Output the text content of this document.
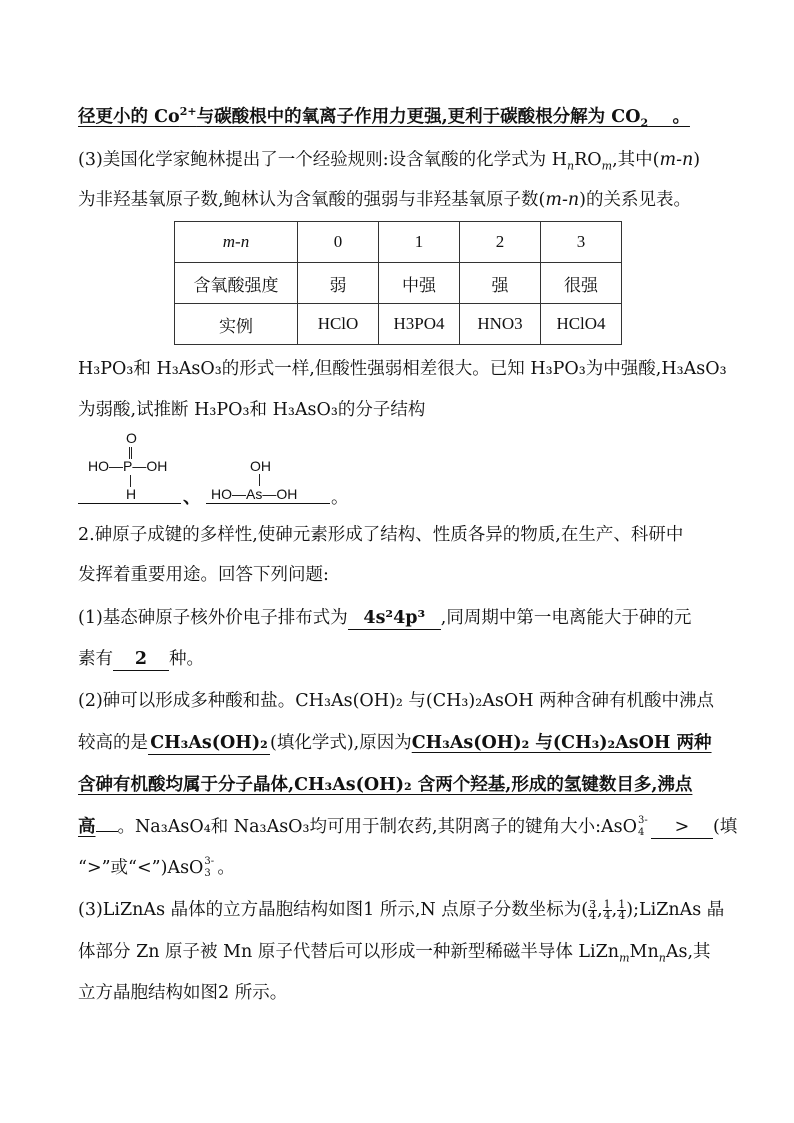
径更小的 $Co^{2+}$与碳酸根中的氧离子作用力更强,更利于碳酸根分解为 $CO_2$ 。
(3)美国化学家鲍林提出了一个经验规则:设含氧酸的化学式为 $H_nRO_m$,其中(m-n)
为非羟基氧原子数,鲍林认为含氧酸的强弱与非羟基氧原子数(m-n)的关系见表。
m-n	0	1	2	3
含氧酸强度	弱	中强	强	很强
实例	HClO	H3PO4	HNO3	HClO4
H₃PO₃和 H₃AsO₃的形式一样,但酸性强弱相差很大。已知 H₃PO₃为中强酸,H₃AsO₃
为弱酸,试推断 H₃PO₃和 H₃AsO₃的分子结构
O
HO—P—OH
H
OH
HO—As—OH
、	。
2.砷原子成键的多样性,使砷元素形成了结构、性质各异的物质,在生产、科研中
发挥着重要用途。回答下列问题:
(1)基态砷原子核外价电子排布式为 4s²4p³ ,同周期中第一电离能大于砷的元
素有 2 种。
(2)砷可以形成多种酸和盐。CH₃As(OH)₂ 与(CH₃)₂AsOH 两种含砷有机酸中沸点
较高的是 CH₃As(OH)₂ (填化学式),原因为CH₃As(OH)₂ 与(CH₃)₂AsOH 两种
含砷有机酸均属于分子晶体,CH₃As(OH)₂ 含两个羟基,形成的氢键数目多,沸点
高 。Na₃AsO₄和 Na₃AsO₃均可用于制农药,其阴离子的键角大小:AsO 3-
4 > (填
“>”或“<”)AsO 3-
3 。
(3)LiZnAs 晶体的立方晶胞结构如图1 所示,N 点原子分数坐标为( $\frac{3}{4}$ , $\frac{1}{4}$ , $\frac{1}{4}$ );LiZnAs 晶
体部分 Zn 原子被 Mn 原子代替后可以形成一种新型稀磁半导体 $LiZn_mMn_nAs$,其
立方晶胞结构如图2 所示。
